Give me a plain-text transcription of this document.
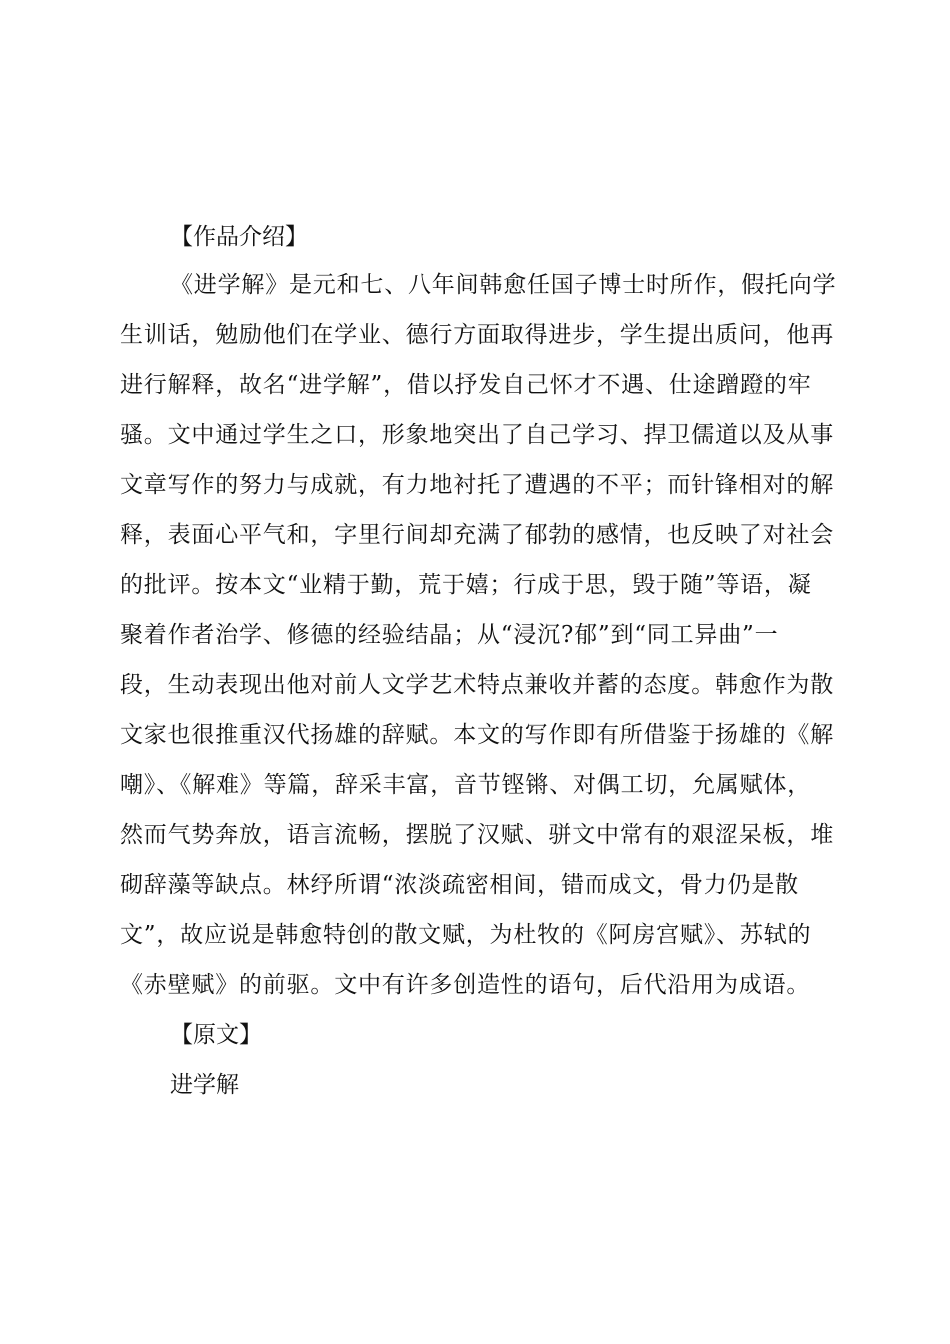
【作品介绍】
《进学解》是元和七、八年间韩愈任国子博士时所作，假托向学
生训话，勉励他们在学业、德行方面取得进步，学生提出质问，他再
进行解释，故名“进学解”，借以抒发自己怀才不遇、仕途蹭蹬的牢
骚。文中通过学生之口，形象地突出了自己学习、捍卫儒道以及从事
文章写作的努力与成就，有力地衬托了遭遇的不平；而针锋相对的解
释，表面心平气和，字里行间却充满了郁勃的感情，也反映了对社会
的批评。按本文“业精于勤，荒于嬉；行成于思，毁于随”等语，凝
聚着作者治学、修德的经验结晶；从“浸沉?郁”到“同工异曲”一
段，生动表现出他对前人文学艺术特点兼收并蓄的态度。韩愈作为散
文家也很推重汉代扬雄的辞赋。本文的写作即有所借鉴于扬雄的《解
嘲》、《解难》等篇，辞采丰富，音节铿锵、对偶工切，允属赋体，
然而气势奔放，语言流畅，摆脱了汉赋、骈文中常有的艰涩呆板，堆
砌辞藻等缺点。林纾所谓“浓淡疏密相间，错而成文，骨力仍是散
文”，故应说是韩愈特创的散文赋，为杜牧的《阿房宫赋》、苏轼的
《赤壁赋》的前驱。文中有许多创造性的语句，后代沿用为成语。
【原文】
进学解
